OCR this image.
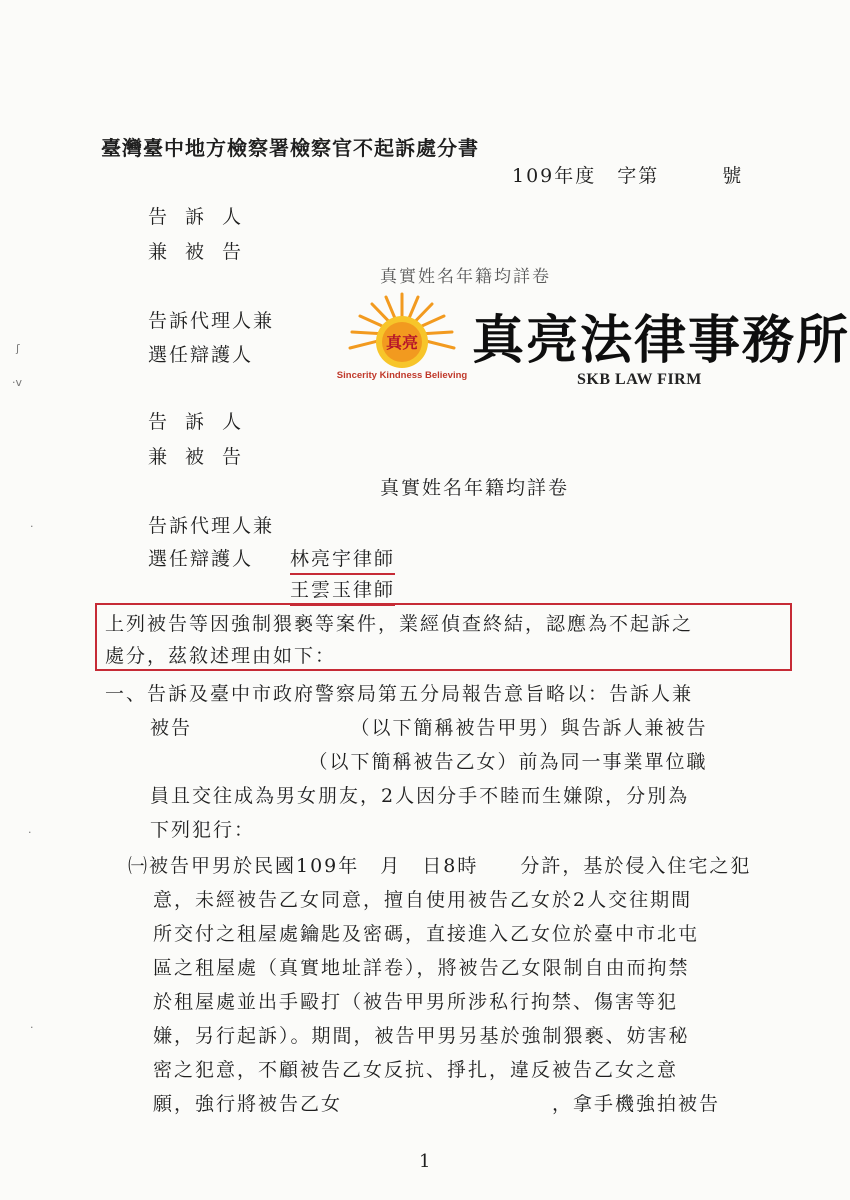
臺灣臺中地方檢察署檢察官不起訴處分書
109年度　字第　　　號
告訴人
兼被告
真實姓名年籍均詳卷
告訴代理人兼
選任辯護人
真亮
Sincerity Kindness Believing
真亮法律事務所
SKB LAW FIRM
告訴人
兼被告
真實姓名年籍均詳卷
告訴代理人兼
選任辯護人 林亮宇律師
王雲玉律師
上列被告等因強制猥褻等案件，業經偵查終結，認應為不起訴之
處分，茲敘述理由如下：
一、告訴及臺中市政府警察局第五分局報告意旨略以：告訴人兼
被告　　　　　　　　（以下簡稱被告甲男）與告訴人兼被告
　　　　　　　　（以下簡稱被告乙女）前為同一事業單位職
員且交往成為男女朋友，2人因分手不睦而生嫌隙，分別為
下列犯行：
㈠被告甲男於民國109年　月　日8時　　分許，基於侵入住宅之犯
意，未經被告乙女同意，擅自使用被告乙女於2人交往期間
所交付之租屋處鑰匙及密碼，直接進入乙女位於臺中市北屯
區之租屋處（真實地址詳卷），將被告乙女限制自由而拘禁
於租屋處並出手毆打（被告甲男所涉私行拘禁、傷害等犯
嫌，另行起訴）。期間，被告甲男另基於強制猥褻、妨害秘
密之犯意，不顧被告乙女反抗、掙扎，違反被告乙女之意
願，強行將被告乙女　　　　　　　　　　，拿手機強拍被告
1
ʃ
·v
·
·
·
